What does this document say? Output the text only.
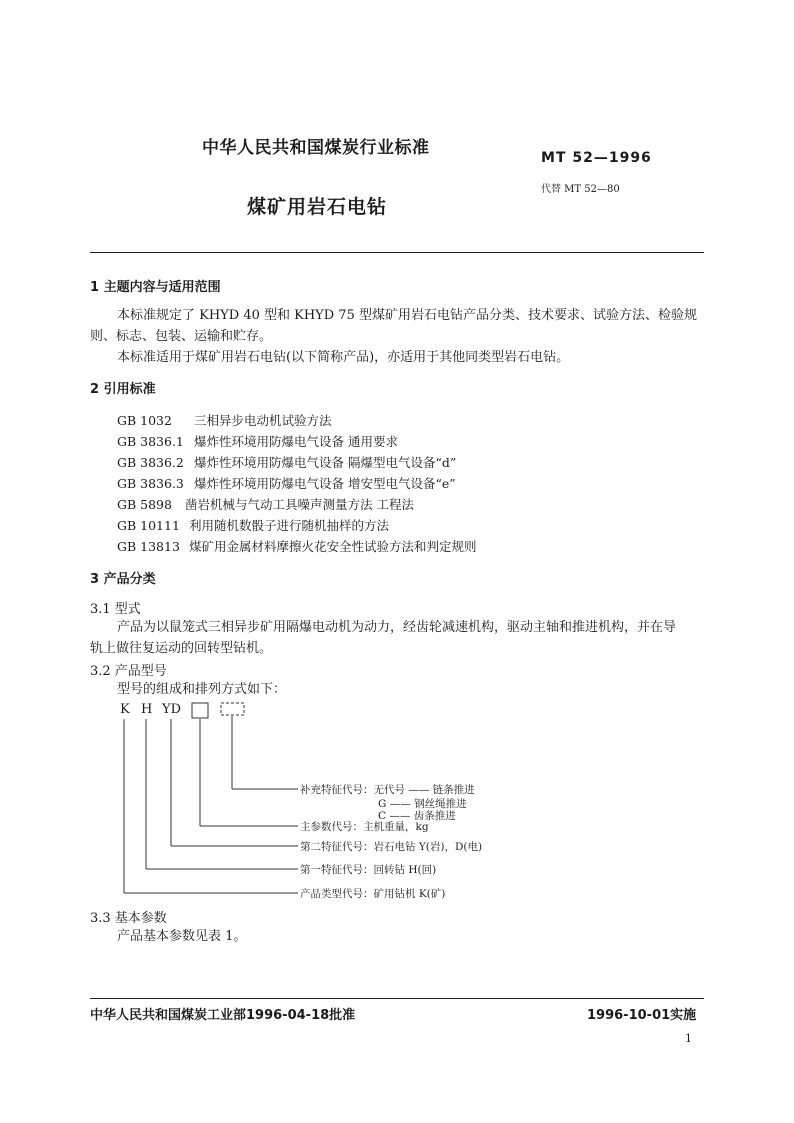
中华人民共和国煤炭行业标准	MT 52—1996
代替 MT 52—80
煤矿用岩石电钻
1 主题内容与适用范围
本标准规定了 KHYD 40 型和 KHYD 75 型煤矿用岩石电钻产品分类、技术要求、试验方法、检验规
则、标志、包装、运输和贮存。
本标准适用于煤矿用岩石电钻(以下简称产品)，亦适用于其他同类型岩石电钻。
2 引用标准
GB 1032 三相异步电动机试验方法
GB 3836.1 爆炸性环境用防爆电气设备 通用要求
GB 3836.2 爆炸性环境用防爆电气设备 隔爆型电气设备“d”
GB 3836.3 爆炸性环境用防爆电气设备 增安型电气设备“e”
GB 5898 凿岩机械与气动工具噪声测量方法 工程法
GB 10111 利用随机数骰子进行随机抽样的方法
GB 13813 煤矿用金属材料摩擦火花安全性试验方法和判定规则
3 产品分类
3.1 型式
产品为以鼠笼式三相异步矿用隔爆电动机为动力，经齿轮减速机构，驱动主轴和推进机构，并在导
轨上做往复运动的回转型钻机。
3.2 产品型号
型号的组成和排列方式如下：
K H YD
补充特征代号：无代号 —— 链条推进
G —— 钢丝绳推进
C —— 齿条推进
主参数代号：主机重量，kg
第二特征代号：岩石电钻 Y(岩)，D(电)
第一特征代号：回转钻 H(回)
产品类型代号：矿用钻机 K(矿)
3.3 基本参数
产品基本参数见表 1。
中华人民共和国煤炭工业部1996-04-18批准	1996-10-01实施
1
